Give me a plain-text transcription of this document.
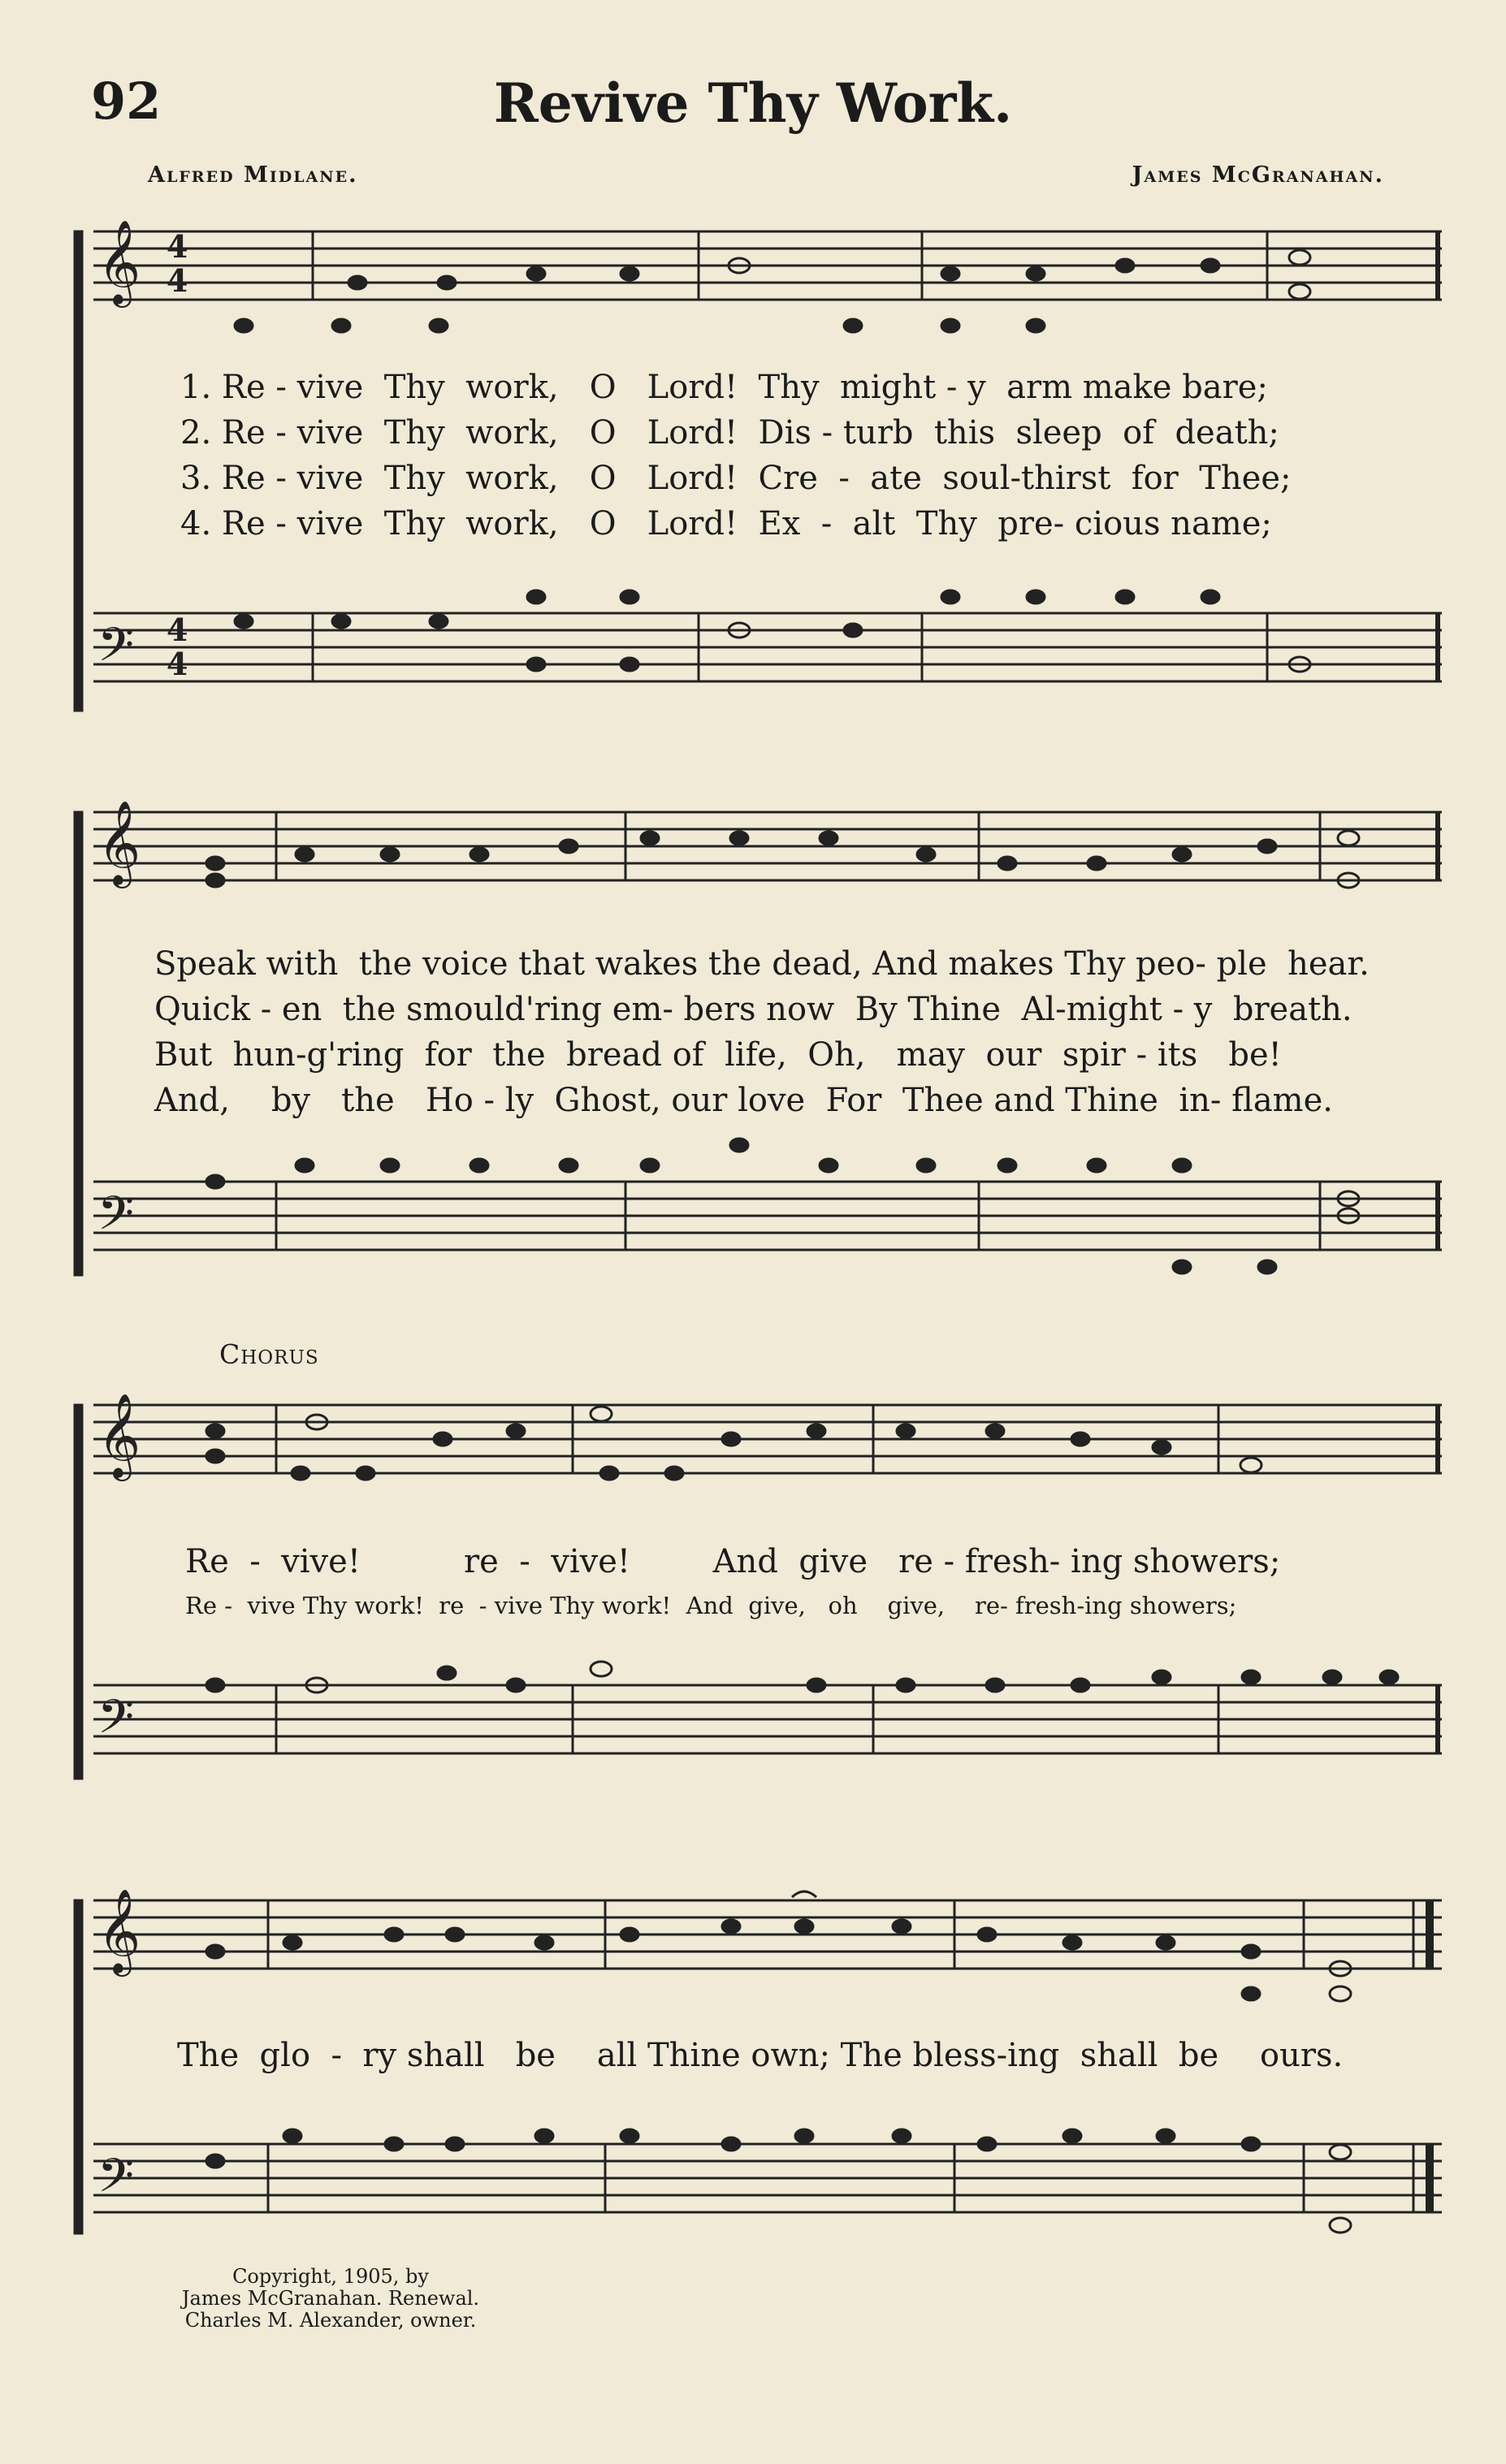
92	Revive Thy Work.
Alfred Midlane.	James McGranahan.
𝄞
𝄢
4
4
4
4
1. Re - vive  Thy  work,   O   Lord!  Thy  might - y  arm make bare;
2. Re - vive  Thy  work,   O   Lord!  Dis - turb  this  sleep  of  death;
3. Re - vive  Thy  work,   O   Lord!  Cre  -  ate  soul-thirst  for  Thee;
4. Re - vive  Thy  work,   O   Lord!  Ex  -  alt  Thy  pre- cious name;
𝄞
𝄢
Speak with  the voice that wakes the dead, And makes Thy peo- ple  hear.
Quick - en  the smould'ring em- bers now  By Thine  Al-might - y  breath.
But  hun-g'ring  for  the  bread of  life,  Oh,   may  our  spir - its   be!
And,    by   the   Ho - ly  Ghost, our love  For  Thee and Thine  in- flame.
Chorus
𝄞
𝄢
Re  -  vive!          re  -  vive!        And  give   re - fresh- ing showers;
Re -  vive Thy work!  re  - vive Thy work!  And  give,   oh    give,    re- fresh-ing showers;
𝄞
𝄢
The  glo  -  ry shall   be    all Thine own; The bless-ing  shall  be    ours.
Copyright, 1905, by
James McGranahan. Renewal.
Charles M. Alexander, owner.
